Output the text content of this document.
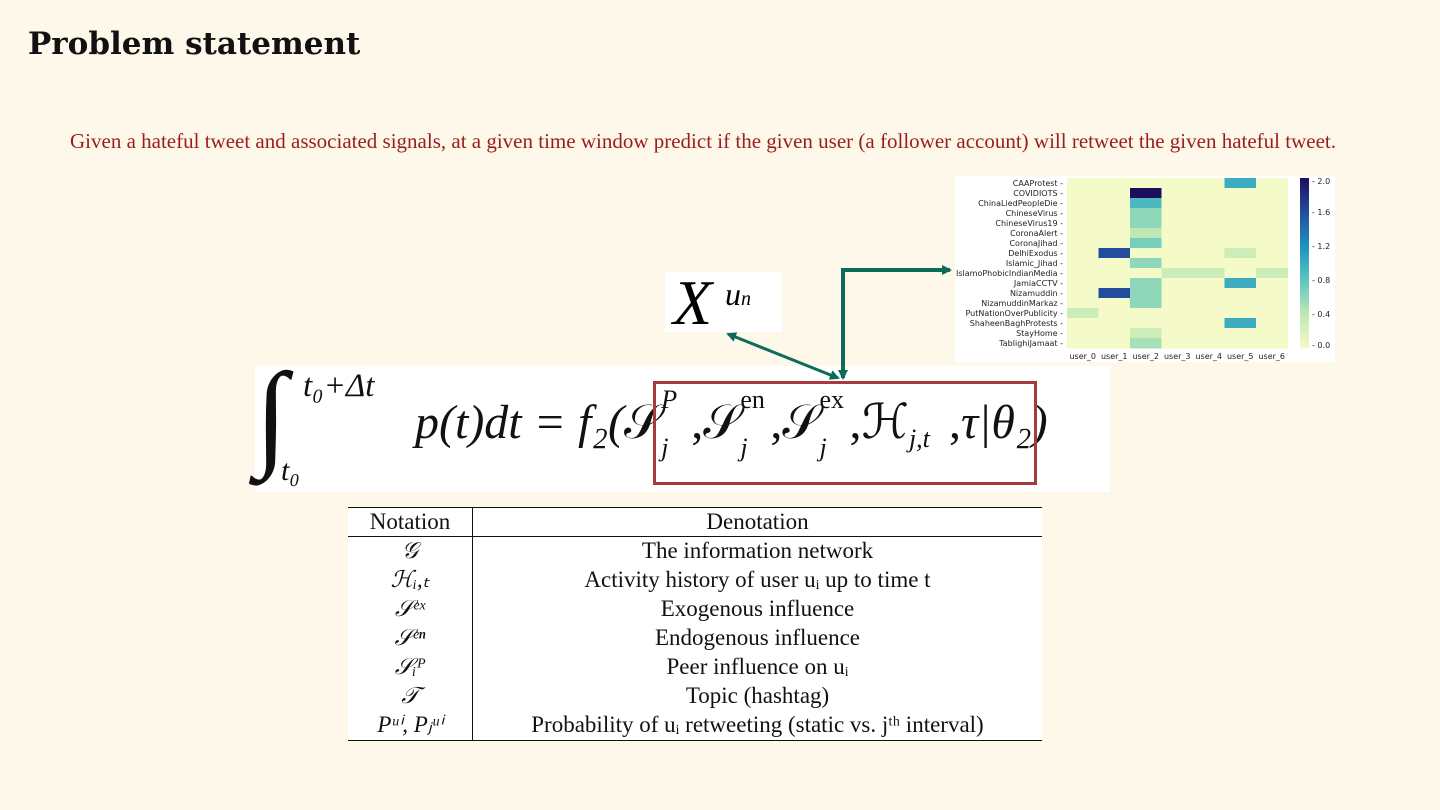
Problem statement
Given a hateful tweet and associated signals, at a given time window predict if the given user (a follower account) will retweet the given hateful tweet.
CAAProtest -
COVIDIOTS -
ChinaLiedPeopleDie -
ChineseVirus -
ChineseVirus19 -
CoronaAlert -
CoronaJihad -
DelhiExodus -
Islamic_Jihad -
IslamoPhobicIndianMedia -
JamiaCCTV -
Nizamuddin -
NizamuddinMarkaz -
PutNationOverPublicity -
ShaheenBaghProtests -
StayHome -
TablighiJamaat -
user_0 user_1 user_2 user_3 user_4 user_5 user_6
- 0.0
- 0.4
- 0.8
- 1.2
- 1.6
- 2.0
X un
∫ t₀+Δt
t₀
p(t)dt = f₂(𝒮 P
j ,𝒮 en
j ,𝒮 ex
j ,ℋ j,t ,τ|θ₂)
Notation	Denotation
𝒢	The information network
ℋᵢ,ₜ	Activity history of user uᵢ up to time t
𝒮ᵉˣ	Exogenous influence
𝒮ᵉⁿ	Endogenous influence
𝒮ᵢᴾ	Peer influence on uᵢ
𝒯	Topic (hashtag)
Pᵘⁱ, Pⱼᵘⁱ	Probability of uᵢ retweeting (static vs. jᵗʰ interval)
